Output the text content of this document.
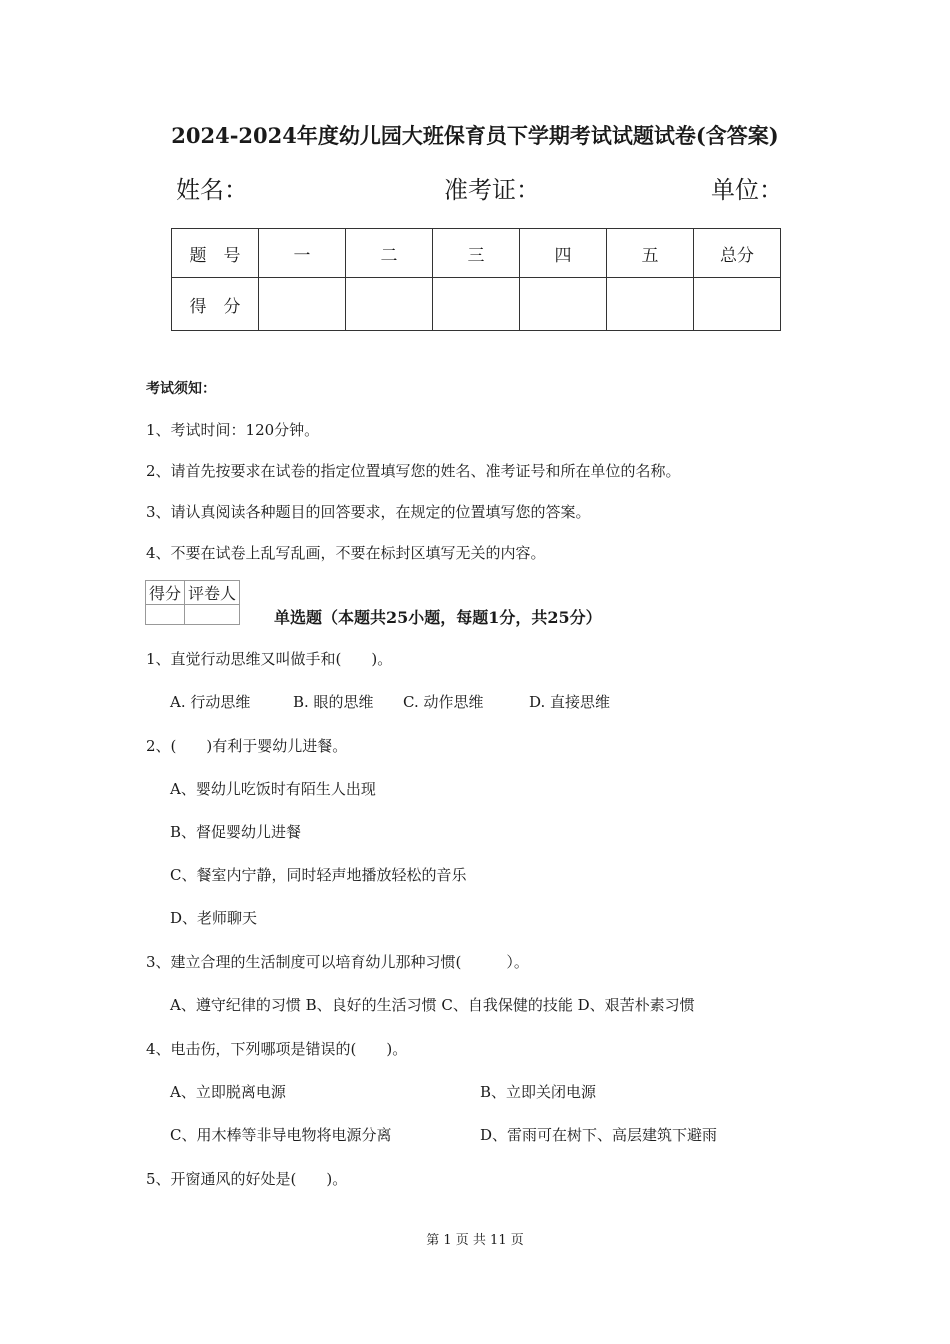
2024-2024年度幼儿园大班保育员下学期考试试题试卷(含答案)
姓名：	准考证：	单位：
题　号	一	二	三	四	五	总分
得　分						
考试须知：
1、考试时间：120分钟。
2、请首先按要求在试卷的指定位置填写您的姓名、准考证号和所在单位的名称。
3、请认真阅读各种题目的回答要求，在规定的位置填写您的答案。
4、不要在试卷上乱写乱画，不要在标封区填写无关的内容。
得分	评卷人

单选题（本题共25小题，每题1分，共25分）
1、直觉行动思维又叫做手和(　　)。
A. 行动思维	B. 眼的思维 C. 动作思维	D. 直接思维
2、(　　)有利于婴幼儿进餐。
A、婴幼儿吃饭时有陌生人出现
B、督促婴幼儿进餐
C、餐室内宁静，同时轻声地播放轻松的音乐
D、老师聊天
3、建立合理的生活制度可以培育幼儿那种习惯(　　　）。
A、遵守纪律的习惯 B、良好的生活习惯 C、自我保健的技能 D、艰苦朴素习惯
4、电击伤，下列哪项是错误的(　　)。
A、立即脱离电源	B、立即关闭电源
C、用木棒等非导电物将电源分离	D、雷雨可在树下、高层建筑下避雨
5、开窗通风的好处是(　　)。
第 1 页 共 11 页
